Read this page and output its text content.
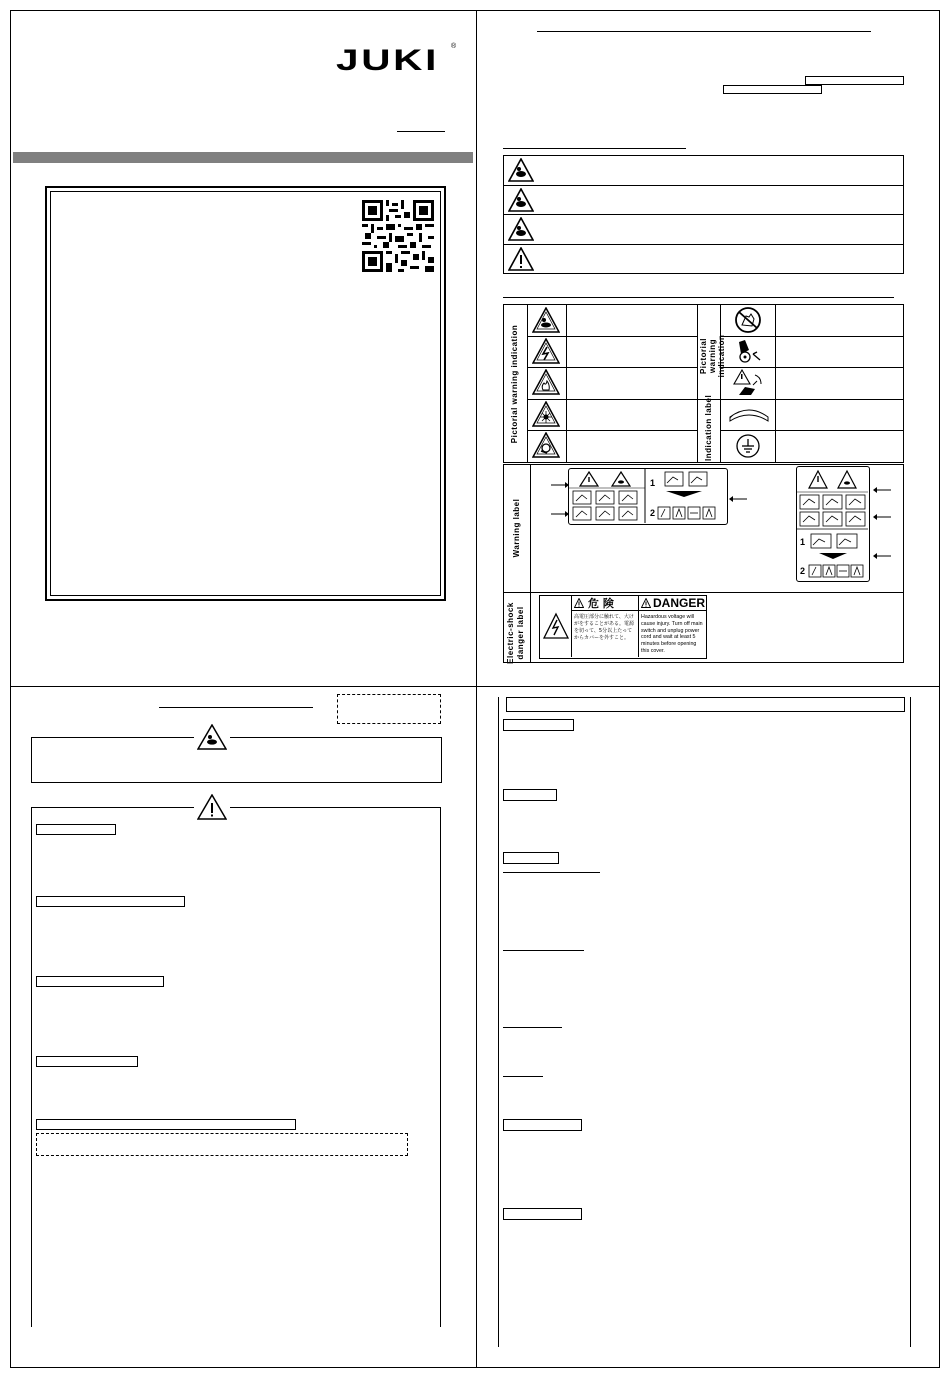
JUKI ®
Pictorial warning indication	Pictorial warning indication
Indication label
Warning label
Electric-shock danger label
1
2
1
2
危 険
高電圧部分に触れて、大けがをすることがある。電源を切って、5分以上たってからカバーを外すこと。
DANGER
Hazardous voltage will cause injury. Turn off main switch and unplug power cord and wait at least 5 minutes before opening this cover.
